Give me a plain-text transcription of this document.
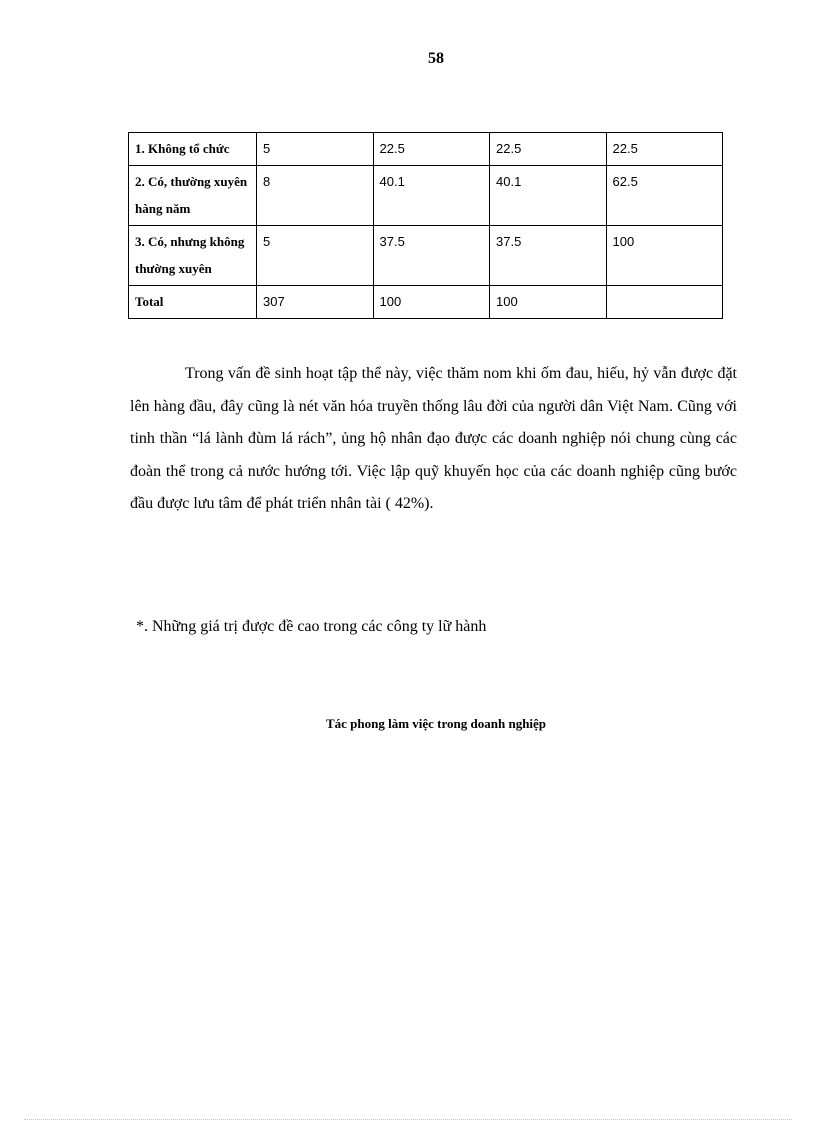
58
1. Không tổ chức	5	22.5	22.5	22.5
2. Có, thường xuyên hàng năm	8	40.1	40.1	62.5
3. Có, nhưng không thường xuyên	5	37.5	37.5	100
Total	307	100	100	

Trong vấn đề sinh hoạt tập thể này, việc thăm nom khi ốm đau, hiếu, hỷ vẫn được đặt lên hàng đầu, đây cũng là nét văn hóa truyền thống lâu đời của người dân Việt Nam. Cũng với tinh thần “lá lành đùm lá rách”, ủng hộ nhân đạo được các doanh nghiệp nói chung cùng các đoàn thể trong cả nước hướng tới. Việc lập quỹ khuyến học của các doanh nghiệp cũng bước đầu được lưu tâm để phát triển nhân tài ( 42%).

*. Những giá trị được đề cao trong các công ty lữ hành

Tác phong làm việc trong doanh nghiệp
